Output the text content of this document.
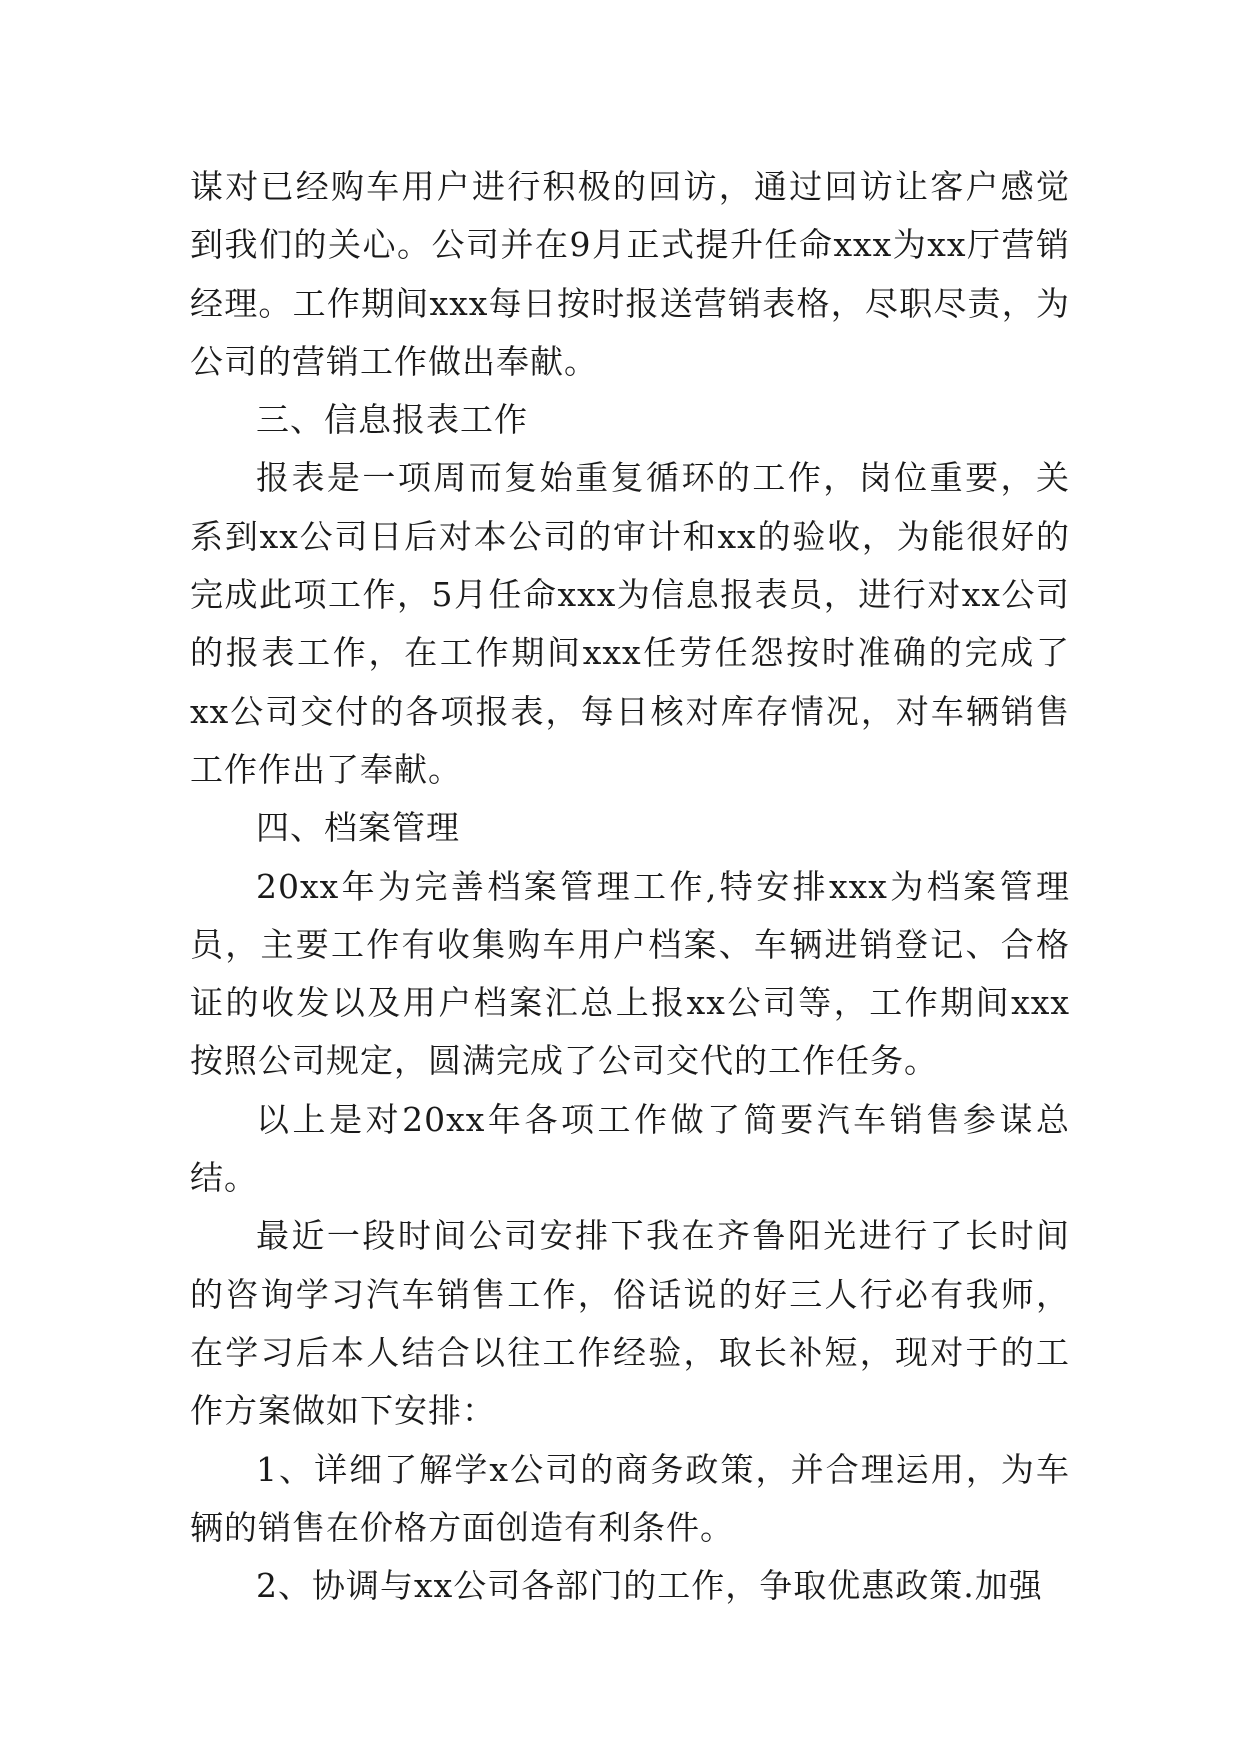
谋对已经购车用户进行积极的回访，通过回访让客户感觉到我们的关心。公司并在9月正式提升任命xxx为xx厅营销经理。工作期间xxx每日按时报送营销表格，尽职尽责，为公司的营销工作做出奉献。

三、信息报表工作

报表是一项周而复始重复循环的工作，岗位重要，关系到xx公司日后对本公司的审计和xx的验收，为能很好的完成此项工作，5月任命xxx为信息报表员，进行对xx公司的报表工作，在工作期间xxx任劳任怨按时准确的完成了xx公司交付的各项报表，每日核对库存情况，对车辆销售工作作出了奉献。

四、档案管理

20xx年为完善档案管理工作,特安排xxx为档案管理员，主要工作有收集购车用户档案、车辆进销登记、合格证的收发以及用户档案汇总上报xx公司等，工作期间xxx按照公司规定，圆满完成了公司交代的工作任务。

以上是对20xx年各项工作做了简要汽车销售参谋总结。

最近一段时间公司安排下我在齐鲁阳光进行了长时间的咨询学习汽车销售工作，俗话说的好三人行必有我师，在学习后本人结合以往工作经验，取长补短，现对于的工作方案做如下安排：

1、详细了解学x公司的商务政策，并合理运用，为车辆的销售在价格方面创造有利条件。

2、协调与xx公司各部门的工作，争取优惠政策.加强
